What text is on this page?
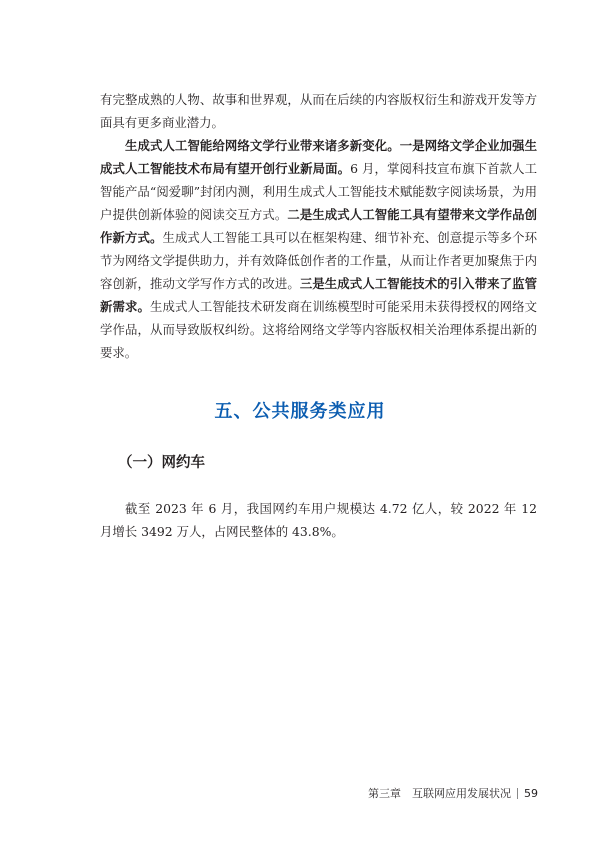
有完整成熟的人物、故事和世界观，从而在后续的内容版权衍生和游戏开发等方面具有更多商业潜力。

生成式人工智能给网络文学行业带来诸多新变化。一是网络文学企业加强生成式人工智能技术布局有望开创行业新局面。6 月，掌阅科技宣布旗下首款人工智能产品“阅爱聊”封闭内测，利用生成式人工智能技术赋能数字阅读场景，为用户提供创新体验的阅读交互方式。二是生成式人工智能工具有望带来文学作品创作新方式。生成式人工智能工具可以在框架构建、细节补充、创意提示等多个环节为网络文学提供助力，并有效降低创作者的工作量，从而让作者更加聚焦于内容创新，推动文学写作方式的改进。三是生成式人工智能技术的引入带来了监管新需求。生成式人工智能技术研发商在训练模型时可能采用未获得授权的网络文学作品，从而导致版权纠纷。这将给网络文学等内容版权相关治理体系提出新的要求。

五、公共服务类应用
（一）网约车

截至 2023 年 6 月，我国网约车用户规模达 4.72 亿人，较 2022 年 12 月增长 3492 万人，占网民整体的 43.8%。

第三章　互联网应用发展状况 59
